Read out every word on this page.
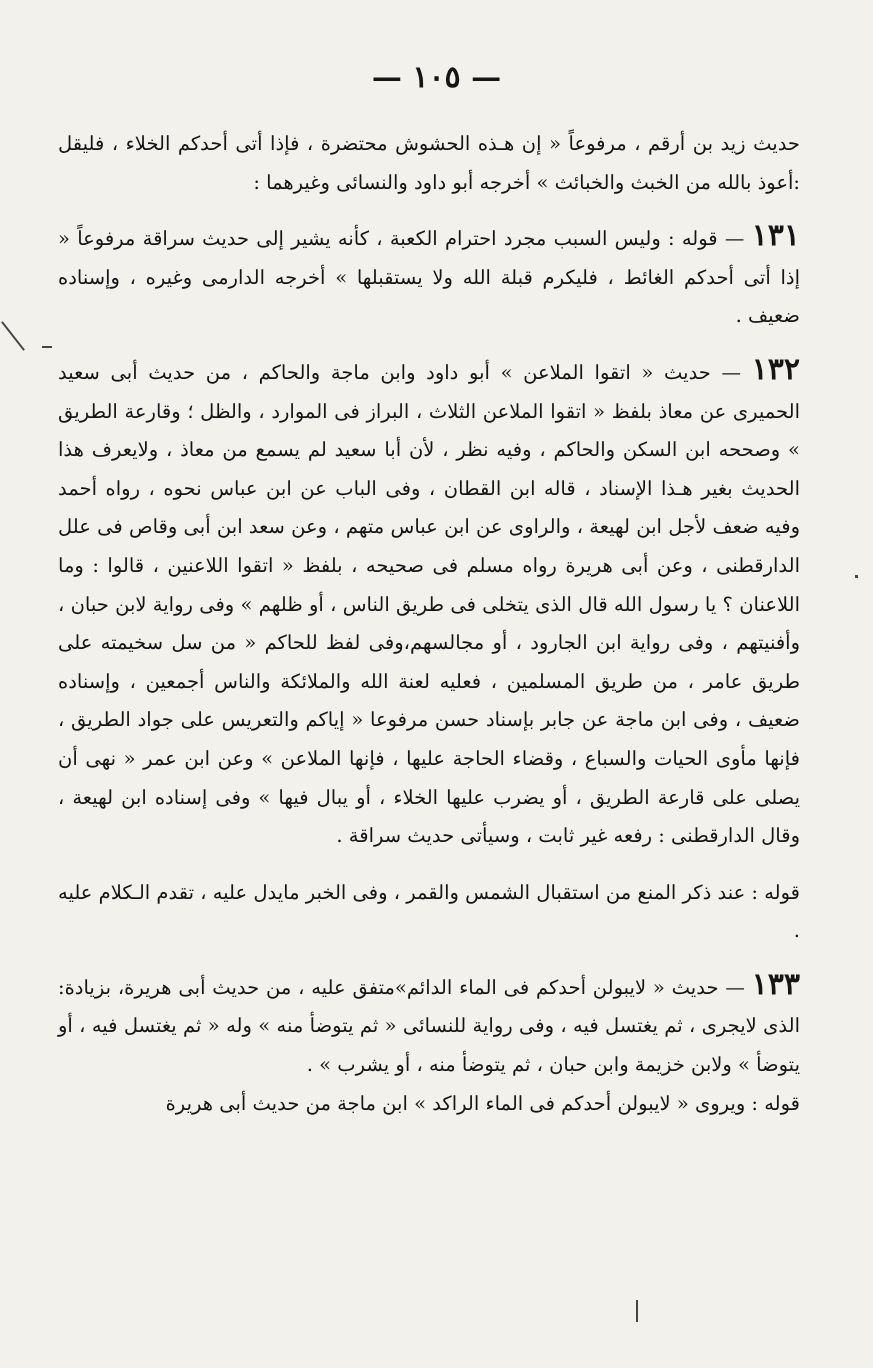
— ١٠٥ —

حديث زيد بن أرقم ، مرفوعاً « إن هـذه الحشوش محتضرة ، فإذا أتى أحدكم الخلاء ، فليقل :أعوذ بالله من الخبث والخبائث » أخرجه أبو داود والنسائى وغيرهما :

١٣١ — قوله : وليس السبب مجرد احترام الكعبة ، كأنه يشير إلى حديث سراقة مرفوعاً « إذا أتى أحدكم الغائط ، فليكرم قبلة الله ولا يستقبلها » أخرجه الدارمى وغيره ، وإسناده ضعيف .

١٣٢ — حديث « اتقوا الملاعن » أبو داود وابن ماجة والحاكم ، من حديث أبى سعيد الحميرى عن معاذ بلفظ « اتقوا الملاعن الثلاث ، البراز فى الموارد ، والظل ؛ وقارعة الطريق » وصححه ابن السكن والحاكم ، وفيه نظر ، لأن أبا سعيد لم يسمع من معاذ ، ولايعرف هذا الحديث بغير هـذا الإسناد ، قاله ابن القطان ، وفى الباب عن ابن عباس نحوه ، رواه أحمد وفيه ضعف لأجل ابن لهيعة ، والراوى عن ابن عباس متهم ، وعن سعد ابن أبى وقاص فى علل الدارقطنى ، وعن أبى هريرة رواه مسلم فى صحيحه ، بلفظ « اتقوا اللاعنين ، قالوا : وما اللاعنان ؟ يا رسول الله قال الذى يتخلى فى طريق الناس ، أو ظلهم » وفى رواية لابن حبان ، وأفنيتهم ، وفى رواية ابن الجارود ، أو مجالسهم،وفى لفظ للحاكم « من سل سخيمته على طريق عامر ، من طريق المسلمين ، فعليه لعنة الله والملائكة والناس أجمعين ، وإسناده ضعيف ، وفى ابن ماجة عن جابر بإسناد حسن مرفوعا « إياكم والتعريس على جواد الطريق ، فإنها مأوى الحيات والسباع ، وقضاء الحاجة عليها ، فإنها الملاعن » وعن ابن عمر « نهى أن يصلى على قارعة الطريق ، أو يضرب عليها الخلاء ، أو يبال فيها » وفى إسناده ابن لهيعة ، وقال الدارقطنى : رفعه غير ثابت ، وسيأتى حديث سراقة .

قوله : عند ذكر المنع من استقبال الشمس والقمر ، وفى الخبر مايدل عليه ، تقدم الـكلام عليه .

١٣٣ — حديث « لايبولن أحدكم فى الماء الدائم»متفق عليه ، من حديث أبى هريرة، بزيادة: الذى لايجرى ، ثم يغتسل فيه ، وفى رواية للنسائى « ثم يتوضأ منه » وله « ثم يغتسل فيه ، أو يتوضأ » ولابن خزيمة وابن حبان ، ثم يتوضأ منه ، أو يشرب » .

قوله : ويروى « لايبولن أحدكم فى الماء الراكد » ابن ماجة من حديث أبى هريرة
